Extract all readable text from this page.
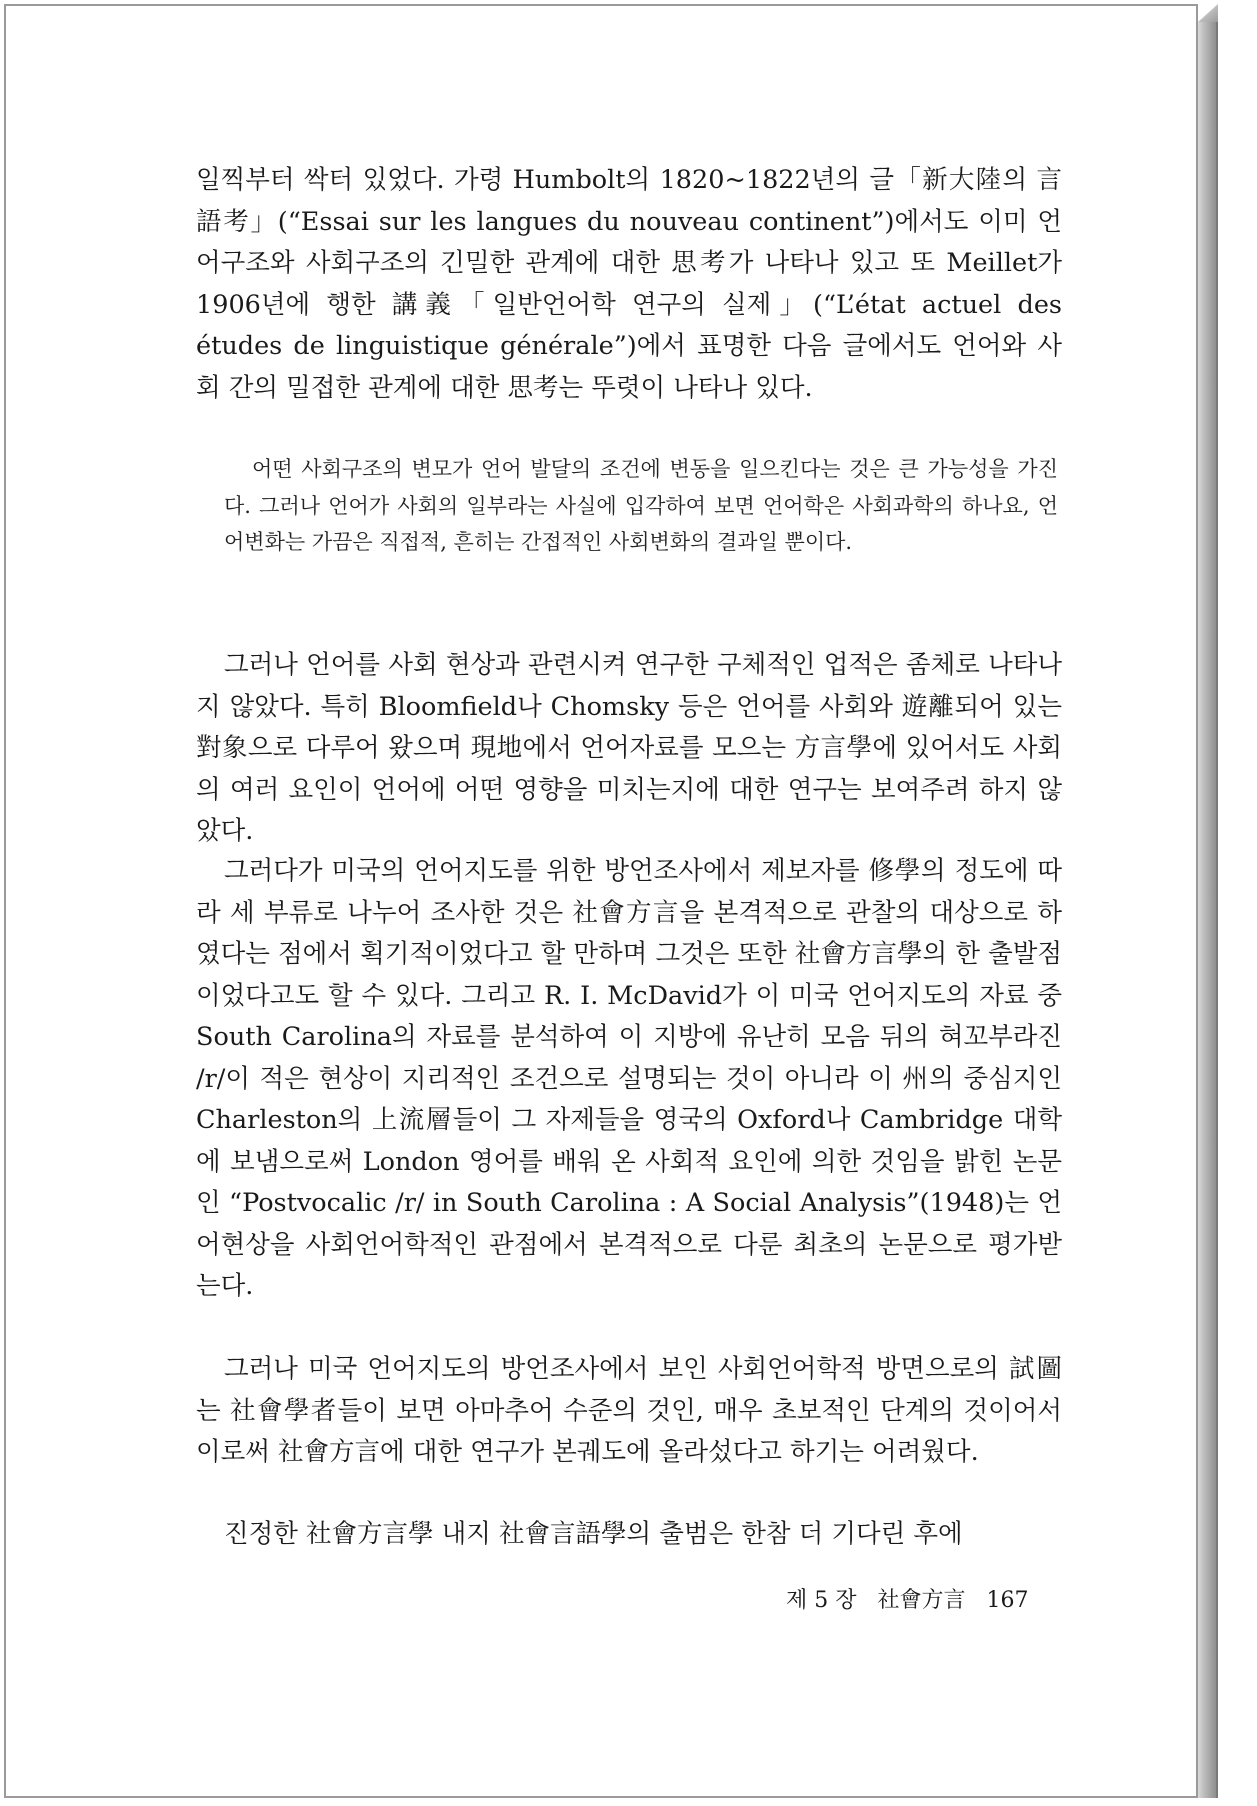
일찍부터 싹터 있었다. 가령 Humbolt의 1820~1822년의 글「新大陸의 言語考」(“Essai sur les langues du nouveau continent”)에서도 이미 언어구조와 사회구조의 긴밀한 관계에 대한 思考가 나타나 있고 또 Meillet가 1906년에 행한 講義「일반언어학 연구의 실제」(“L’état actuel des études de linguistique générale”)에서 표명한 다음 글에서도 언어와 사회 간의 밀접한 관계에 대한 思考는 뚜렷이 나타나 있다.

어떤 사회구조의 변모가 언어 발달의 조건에 변동을 일으킨다는 것은 큰 가능성을 가진다. 그러나 언어가 사회의 일부라는 사실에 입각하여 보면 언어학은 사회과학의 하나요, 언어변화는 가끔은 직접적, 흔히는 간접적인 사회변화의 결과일 뿐이다.

그러나 언어를 사회 현상과 관련시켜 연구한 구체적인 업적은 좀체로 나타나지 않았다. 특히 Bloomfield나 Chomsky 등은 언어를 사회와 遊離되어 있는 對象으로 다루어 왔으며 現地에서 언어자료를 모으는 方言學에 있어서도 사회의 여러 요인이 언어에 어떤 영향을 미치는지에 대한 연구는 보여주려 하지 않았다.

그러다가 미국의 언어지도를 위한 방언조사에서 제보자를 修學의 정도에 따라 세 부류로 나누어 조사한 것은 社會方言을 본격적으로 관찰의 대상으로 하였다는 점에서 획기적이었다고 할 만하며 그것은 또한 社會方言學의 한 출발점이었다고도 할 수 있다. 그리고 R. I. McDavid가 이 미국 언어지도의 자료 중 South Carolina의 자료를 분석하여 이 지방에 유난히 모음 뒤의 혀꼬부라진 /r/이 적은 현상이 지리적인 조건으로 설명되는 것이 아니라 이 州의 중심지인 Charleston의 上流層들이 그 자제들을 영국의 Oxford나 Cambridge 대학에 보냄으로써 London 영어를 배워 온 사회적 요인에 의한 것임을 밝힌 논문인 “Postvocalic /r/ in South Carolina : A Social Analysis”(1948)는 언어현상을 사회언어학적인 관점에서 본격적으로 다룬 최초의 논문으로 평가받는다.

그러나 미국 언어지도의 방언조사에서 보인 사회언어학적 방면으로의 試圖는 社會學者들이 보면 아마추어 수준의 것인, 매우 초보적인 단계의 것이어서 이로써 社會方言에 대한 연구가 본궤도에 올라섰다고 하기는 어려웠다.

진정한 社會方言學 내지 社會言語學의 출범은 한참 더 기다린 후에

제 5 장 社會方言 167
